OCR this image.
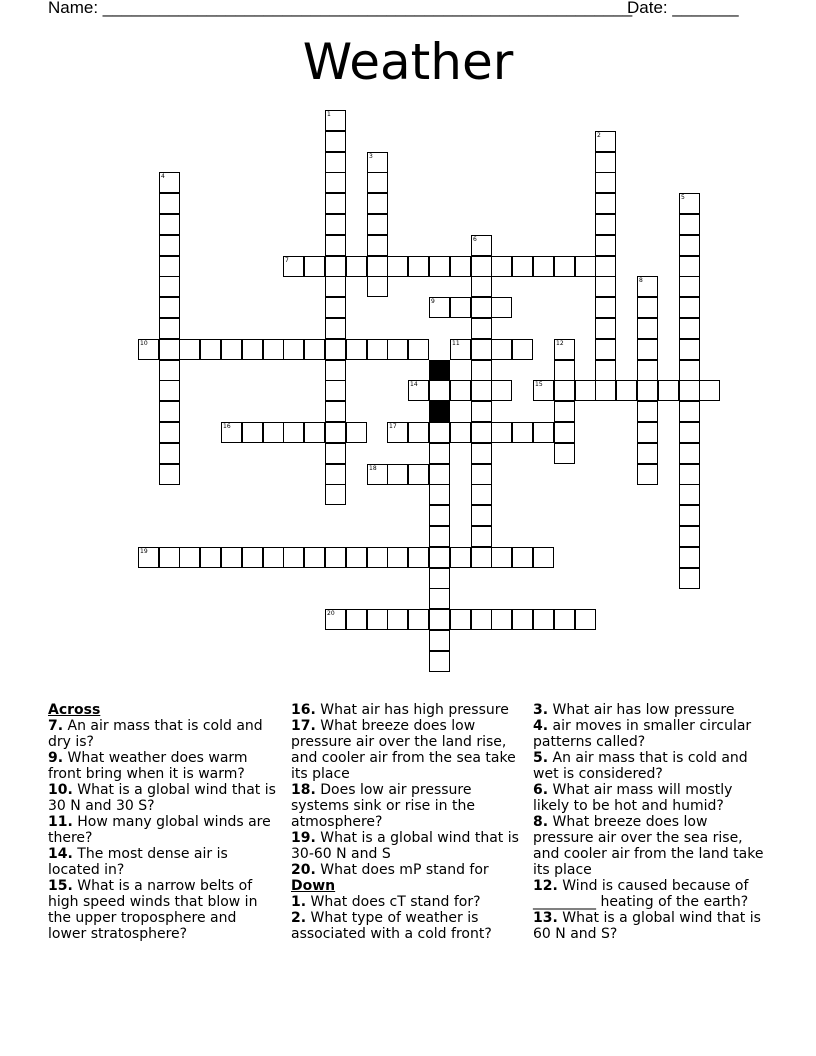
Name: ________________________________________________________
Date: _______
Weather
1
2
3
4
5
6
7
8
9
10	11	12
14	15
16	17
18
19
20
Across
7. An air mass that is cold and dry is?
9. What weather does warm front bring when it is warm?
10. What is a global wind that is 30 N and 30 S?
11. How many global winds are there?
14. The most dense air is located in?
15. What is a narrow belts of high speed winds that blow in the upper troposphere and lower stratosphere?
16. What air has high pressure
17. What breeze does low pressure air over the land rise, and cooler air from the sea take its place
18. Does low air pressure systems sink or rise in the atmosphere?
19. What is a global wind that is 30-60 N and S
20. What does mP stand for
Down
1. What does cT stand for?
2. What type of weather is associated with a cold front?
3. What air has low pressure
4. air moves in smaller circular patterns called?
5. An air mass that is cold and wet is considered?
6. What air mass will mostly likely to be hot and humid?
8. What breeze does low pressure air over the sea rise, and cooler air from the land take its place
12. Wind is caused because of _________ heating of the earth?
13. What is a global wind that is 60 N and S?
